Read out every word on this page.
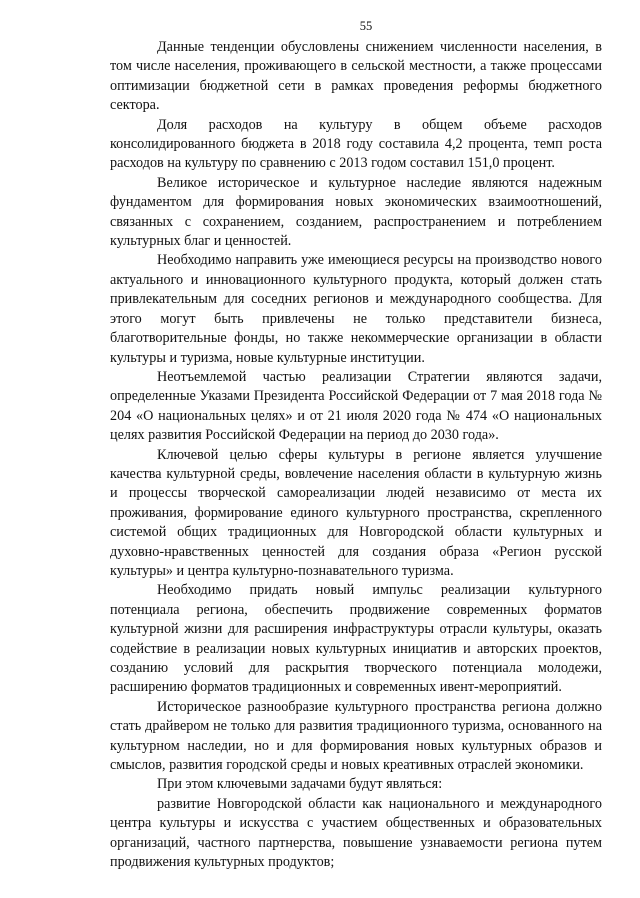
55

Данные тенденции обусловлены снижением численности населения, в том числе населения, проживающего в сельской местности, а также процессами оптимизации бюджетной сети в рамках проведения реформы бюджетного сектора.

Доля расходов на культуру в общем объеме расходов консолидированного бюджета в 2018 году составила 4,2 процента, темп роста расходов на культуру по сравнению с 2013 годом составил 151,0 процент.

Великое историческое и культурное наследие являются надежным фундаментом для формирования новых экономических взаимоотношений, связанных с сохранением, созданием, распространением и потреблением культурных благ и ценностей.

Необходимо направить уже имеющиеся ресурсы на производство нового актуального и инновационного культурного продукта, который должен стать привлекательным для соседних регионов и международного сообщества. Для этого могут быть привлечены не только представители бизнеса, благотворительные фонды, но также некоммерческие организации в области культуры и туризма, новые культурные институции.

Неотъемлемой частью реализации Стратегии являются задачи, определенные Указами Президента Российской Федерации от 7 мая 2018 года № 204 «О национальных целях» и от 21 июля 2020 года № 474 «О национальных целях развития Российской Федерации на период до 2030 года».

Ключевой целью сферы культуры в регионе является улучшение качества культурной среды, вовлечение населения области в культурную жизнь и процессы творческой самореализации людей независимо от места их проживания, формирование единого культурного пространства, скрепленного системой общих традиционных для Новгородской области культурных и духовно-нравственных ценностей для создания образа «Регион русской культуры» и центра культурно-познавательного туризма.

Необходимо придать новый импульс реализации культурного потенциала региона, обеспечить продвижение современных форматов культурной жизни для расширения инфраструктуры отрасли культуры, оказать содействие в реализации новых культурных инициатив и авторских проектов, созданию условий для раскрытия творческого потенциала молодежи, расширению форматов традиционных и современных ивент-мероприятий.

Историческое разнообразие культурного пространства региона должно стать драйвером не только для развития традиционного туризма, основанного на культурном наследии, но и для формирования новых культурных образов и смыслов, развития городской среды и новых креативных отраслей экономики.

При этом ключевыми задачами будут являться:

развитие Новгородской области как национального и международного центра культуры и искусства с участием общественных и образовательных организаций, частного партнерства, повышение узнаваемости региона путем продвижения культурных продуктов;
